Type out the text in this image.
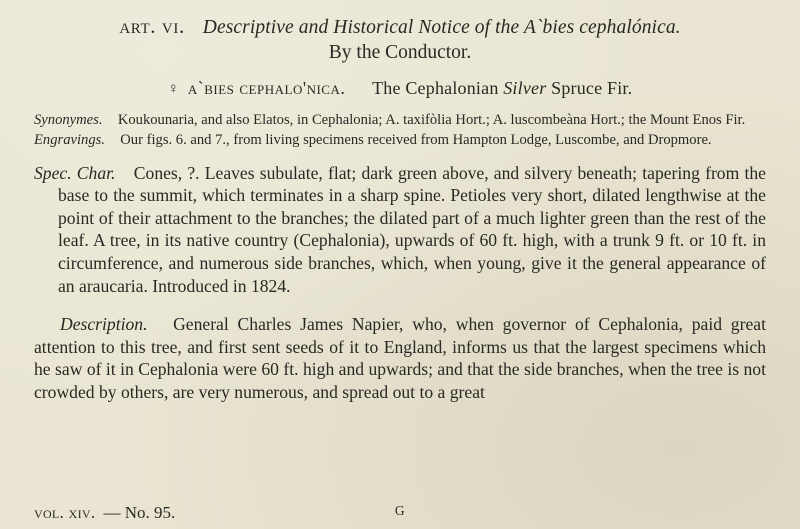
art. vi. Descriptive and Historical Notice of the A`bies cephalónica.
By the Conductor.
♀ a`bies cephalo'nica. The Cephalonian Silver Spruce Fir.

Synonymes. Koukounaria, and also Elatos, in Cephalonia; A. taxifòlia Hort.; A. luscombeàna Hort.; the Mount Enos Fir.

Engravings. Our figs. 6. and 7., from living specimens received from Hampton Lodge, Luscombe, and Dropmore.

Spec. Char. Cones, ?. Leaves subulate, flat; dark green above, and silvery beneath; tapering from the base to the summit, which terminates in a sharp spine. Petioles very short, dilated lengthwise at the point of their attachment to the branches; the dilated part of a much lighter green than the rest of the leaf. A tree, in its native country (Cephalonia), upwards of 60 ft. high, with a trunk 9 ft. or 10 ft. in circumference, and numerous side branches, which, when young, give it the general appearance of an araucaria. Introduced in 1824.

Description. General Charles James Napier, who, when governor of Cephalonia, paid great attention to this tree, and first sent seeds of it to England, informs us that the largest specimens which he saw of it in Cephalonia were 60 ft. high and upwards; and that the side branches, when the tree is not crowded by others, are very numerous, and spread out to a great

vol. xiv. — No. 95.	G
